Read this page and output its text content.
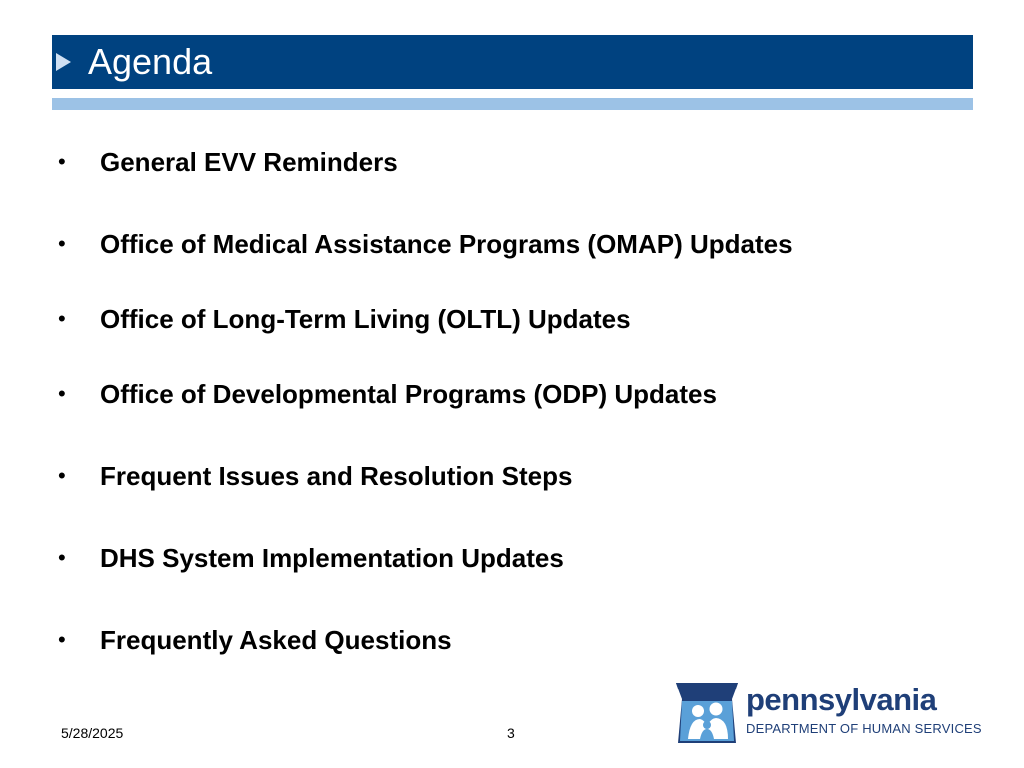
Agenda
• General EVV Reminders
• Office of Medical Assistance Programs (OMAP) Updates
• Office of Long-Term Living (OLTL) Updates
• Office of Developmental Programs (ODP) Updates
• Frequent Issues and Resolution Steps
• DHS System Implementation Updates
• Frequently Asked Questions
5/28/2025	3
pennsylvania
DEPARTMENT OF HUMAN SERVICES
